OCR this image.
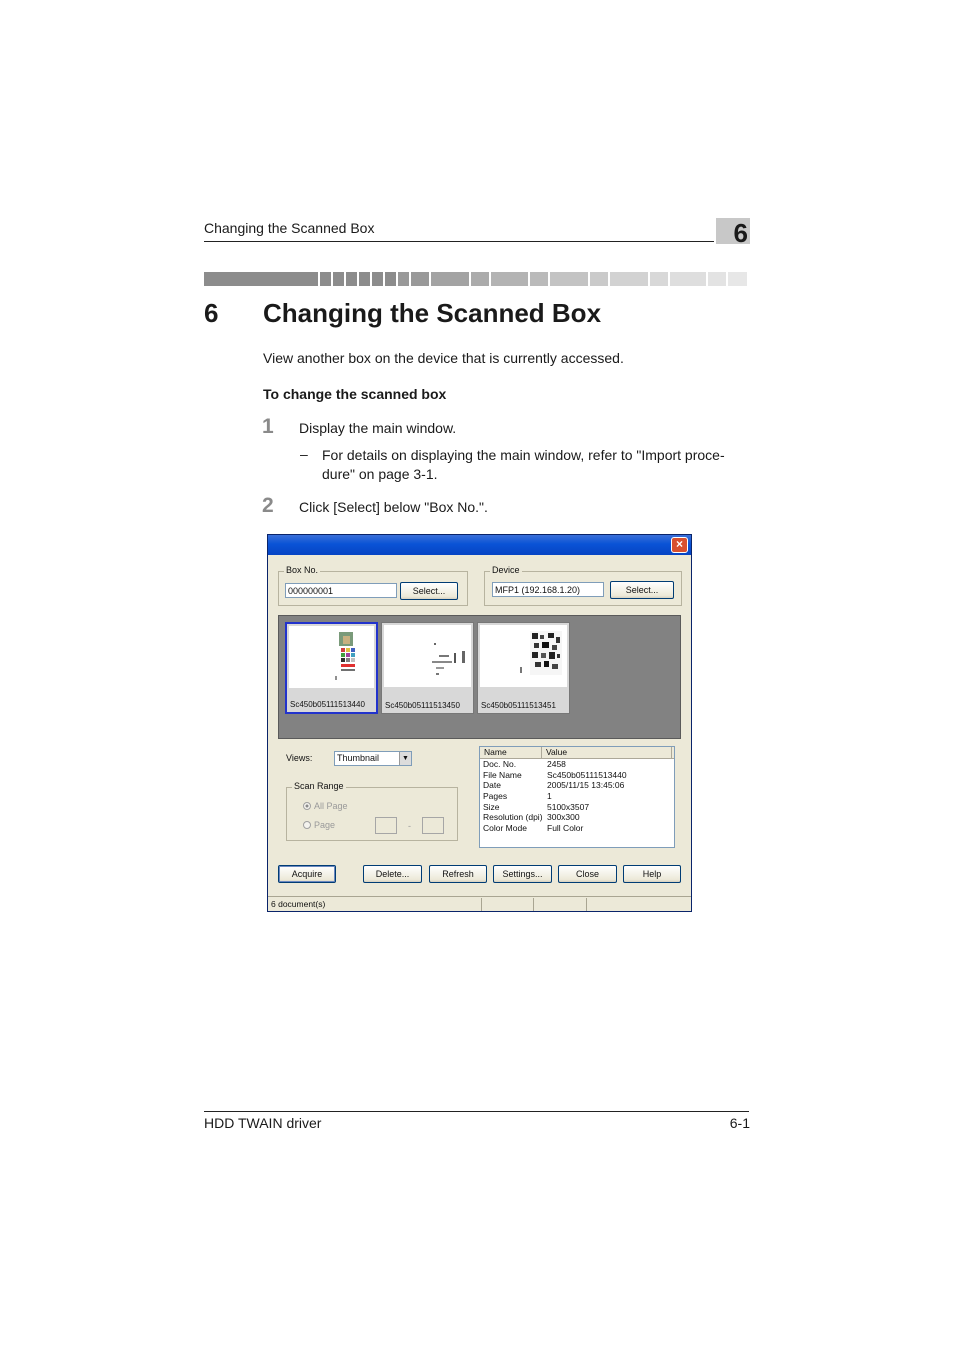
Changing the Scanned Box	6
6 Changing the Scanned Box
View another box on the device that is currently accessed.
To change the scanned box
1 Display the main window.
– For details on displaying the main window, refer to "Import proce-dure" on page 3-1.
2 Click [Select] below "Box No.".
×
Box No.
000000001	Select...
Device
MFP1 (192.168.1.20)	Select...
Sc450b05111513440	Sc450b05111513450	Sc450b05111513451
Views:	Thumbnail	▼
Scan Range
All Page
Page	-
Name	Value
Doc. No.	2458
File Name	Sc450b05111513440
Date	2005/11/15 13:45:06
Pages	1
Size	5100x3507
Resolution (dpi) 300x300
Color Mode	Full Color
Acquire	Delete...	Refresh	Settings...	Close	Help
6 document(s)
HDD TWAIN driver	6-1
